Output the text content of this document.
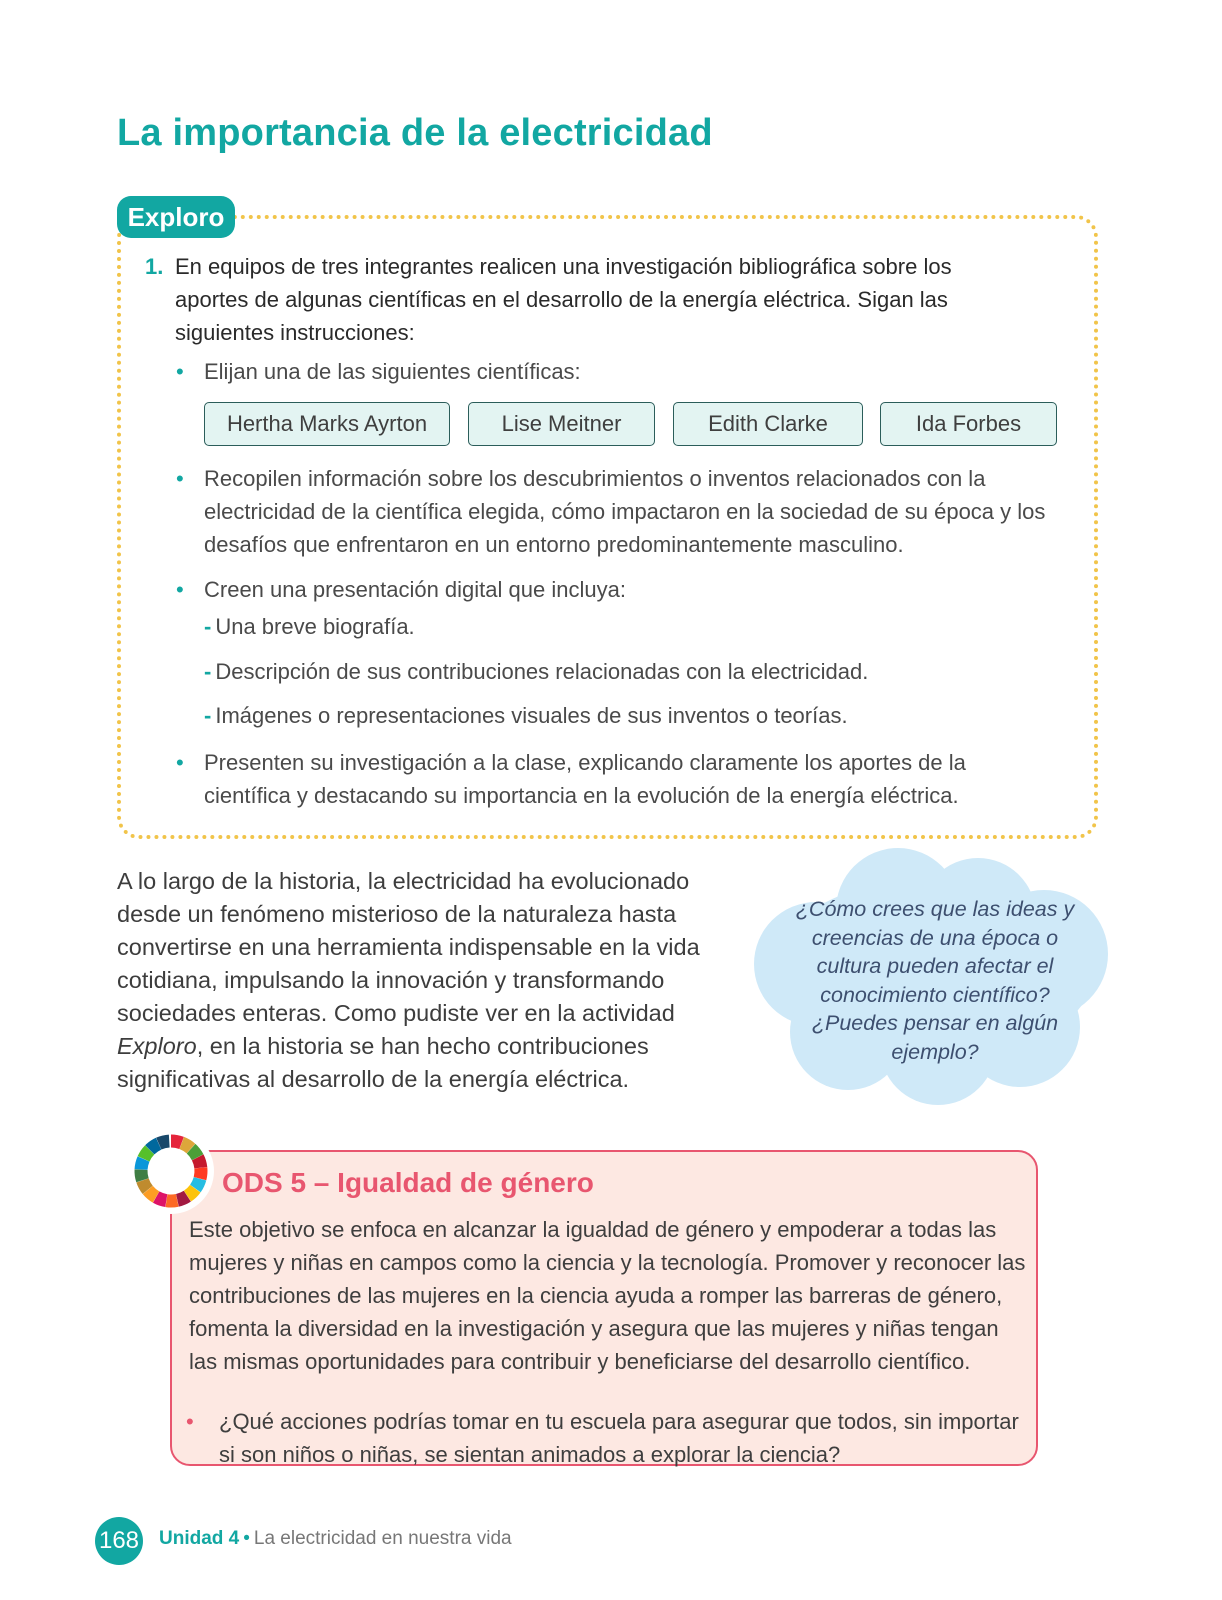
La importancia de la electricidad
Exploro
1. En equipos de tres integrantes realicen una investigación bibliográfica sobre los aportes de algunas científicas en el desarrollo de la energía eléctrica. Sigan las siguientes instrucciones:
• Elijan una de las siguientes científicas:
Hertha Marks Ayrton	Lise Meitner	Edith Clarke	Ida Forbes
• Recopilen información sobre los descubrimientos o inventos relacionados con la electricidad de la científica elegida, cómo impactaron en la sociedad de su época y los desafíos que enfrentaron en un entorno predominantemente masculino.
• Creen una presentación digital que incluya:
- Una breve biografía.
- Descripción de sus contribuciones relacionadas con la electricidad.
- Imágenes o representaciones visuales de sus inventos o teorías.
• Presenten su investigación a la clase, explicando claramente los aportes de la científica y destacando su importancia en la evolución de la energía eléctrica.

A lo largo de la historia, la electricidad ha evolucionado desde un fenómeno misterioso de la naturaleza hasta convertirse en una herramienta indispensable en la vida cotidiana, impulsando la innovación y transformando sociedades enteras. Como pudiste ver en la actividad Exploro, en la historia se han hecho contribuciones significativas al desarrollo de la energía eléctrica.

¿Cómo crees que las ideas y creencias de una época o cultura pueden afectar el conocimiento científico? ¿Puedes pensar en algún ejemplo?

ODS 5 – Igualdad de género

Este objetivo se enfoca en alcanzar la igualdad de género y empoderar a todas las mujeres y niñas en campos como la ciencia y la tecnología. Promover y reconocer las contribuciones de las mujeres en la ciencia ayuda a romper las barreras de género, fomenta la diversidad en la investigación y asegura que las mujeres y niñas tengan las mismas oportunidades para contribuir y beneficiarse del desarrollo científico.

• ¿Qué acciones podrías tomar en tu escuela para asegurar que todos, sin importar si son niños o niñas, se sientan animados a explorar la ciencia?
168 Unidad 4 • La electricidad en nuestra vida
